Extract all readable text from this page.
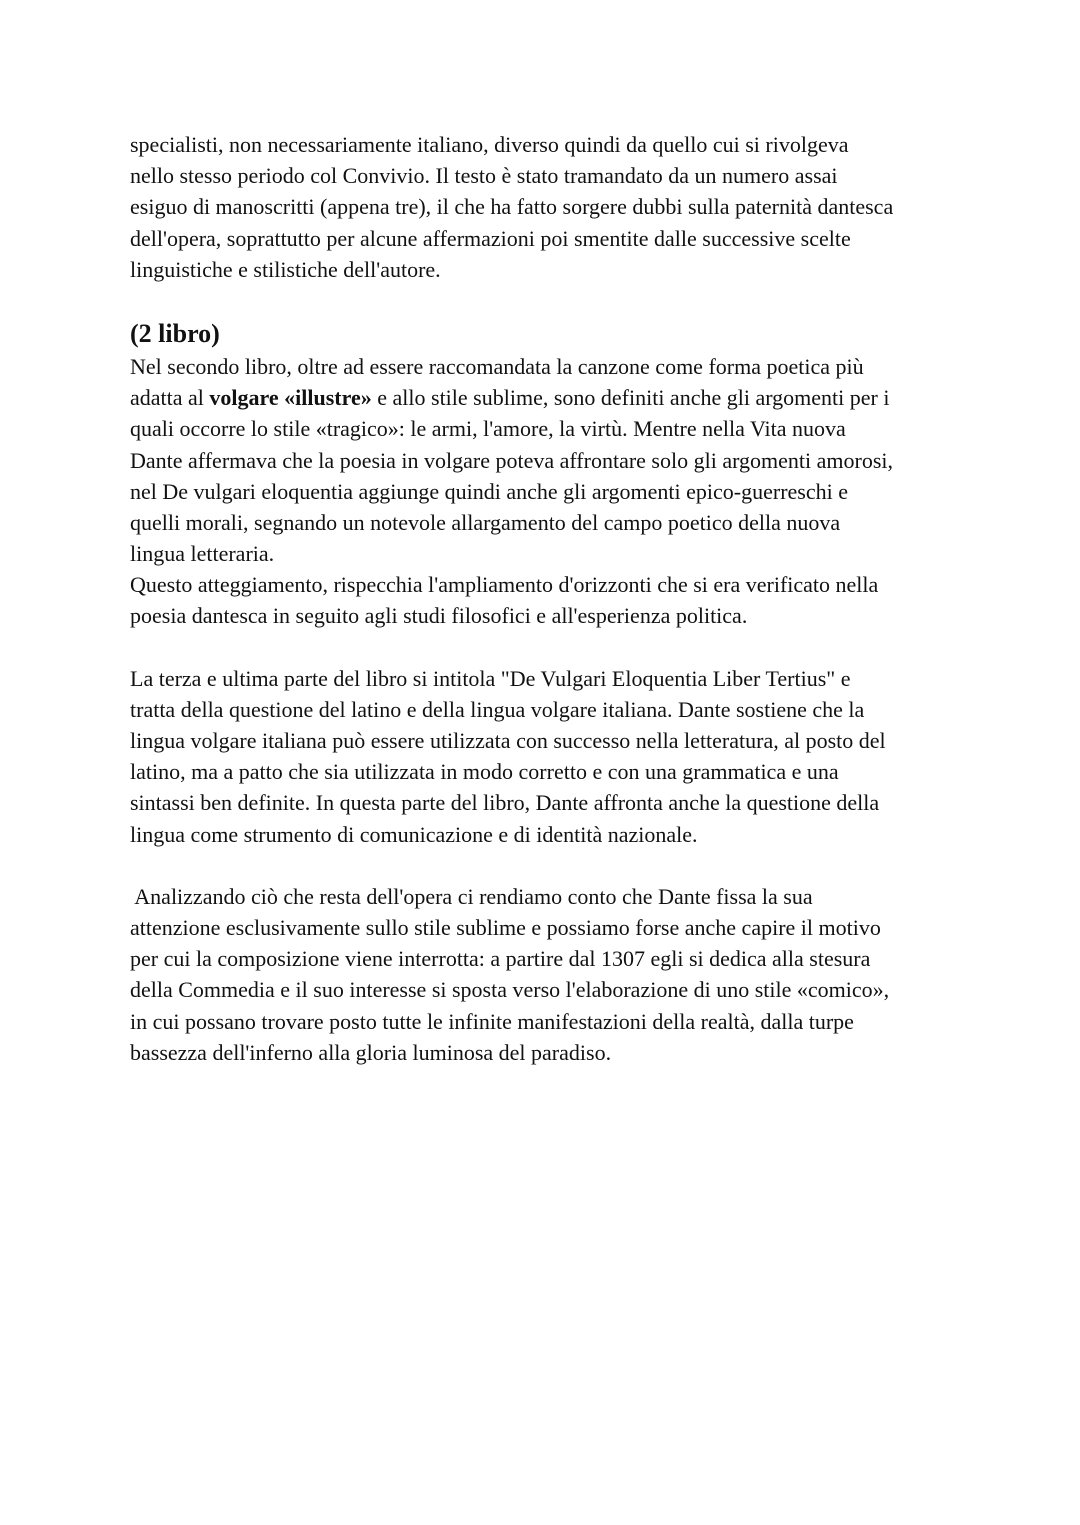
specialisti, non necessariamente italiano, diverso quindi da quello cui si rivolgeva
nello stesso periodo col Convivio. Il testo è stato tramandato da un numero assai
esiguo di manoscritti (appena tre), il che ha fatto sorgere dubbi sulla paternità dantesca
dell'opera, soprattutto per alcune affermazioni poi smentite dalle successive scelte
linguistiche e stilistiche dell'autore.
(2 libro)
Nel secondo libro, oltre ad essere raccomandata la canzone come forma poetica più
adatta al volgare «illustre» e allo stile sublime, sono definiti anche gli argomenti per i
quali occorre lo stile «tragico»: le armi, l'amore, la virtù. Mentre nella Vita nuova
Dante affermava che la poesia in volgare poteva affrontare solo gli argomenti amorosi,
nel De vulgari eloquentia aggiunge quindi anche gli argomenti epico-guerreschi e
quelli morali, segnando un notevole allargamento del campo poetico della nuova
lingua letteraria.
Questo atteggiamento, rispecchia l'ampliamento d'orizzonti che si era verificato nella
poesia dantesca in seguito agli studi filosofici e all'esperienza politica.
La terza e ultima parte del libro si intitola "De Vulgari Eloquentia Liber Tertius" e
tratta della questione del latino e della lingua volgare italiana. Dante sostiene che la
lingua volgare italiana può essere utilizzata con successo nella letteratura, al posto del
latino, ma a patto che sia utilizzata in modo corretto e con una grammatica e una
sintassi ben definite. In questa parte del libro, Dante affronta anche la questione della
lingua come strumento di comunicazione e di identità nazionale.
Analizzando ciò che resta dell'opera ci rendiamo conto che Dante fissa la sua
attenzione esclusivamente sullo stile sublime e possiamo forse anche capire il motivo
per cui la composizione viene interrotta: a partire dal 1307 egli si dedica alla stesura
della Commedia e il suo interesse si sposta verso l'elaborazione di uno stile «comico»,
in cui possano trovare posto tutte le infinite manifestazioni della realtà, dalla turpe
bassezza dell'inferno alla gloria luminosa del paradiso.
